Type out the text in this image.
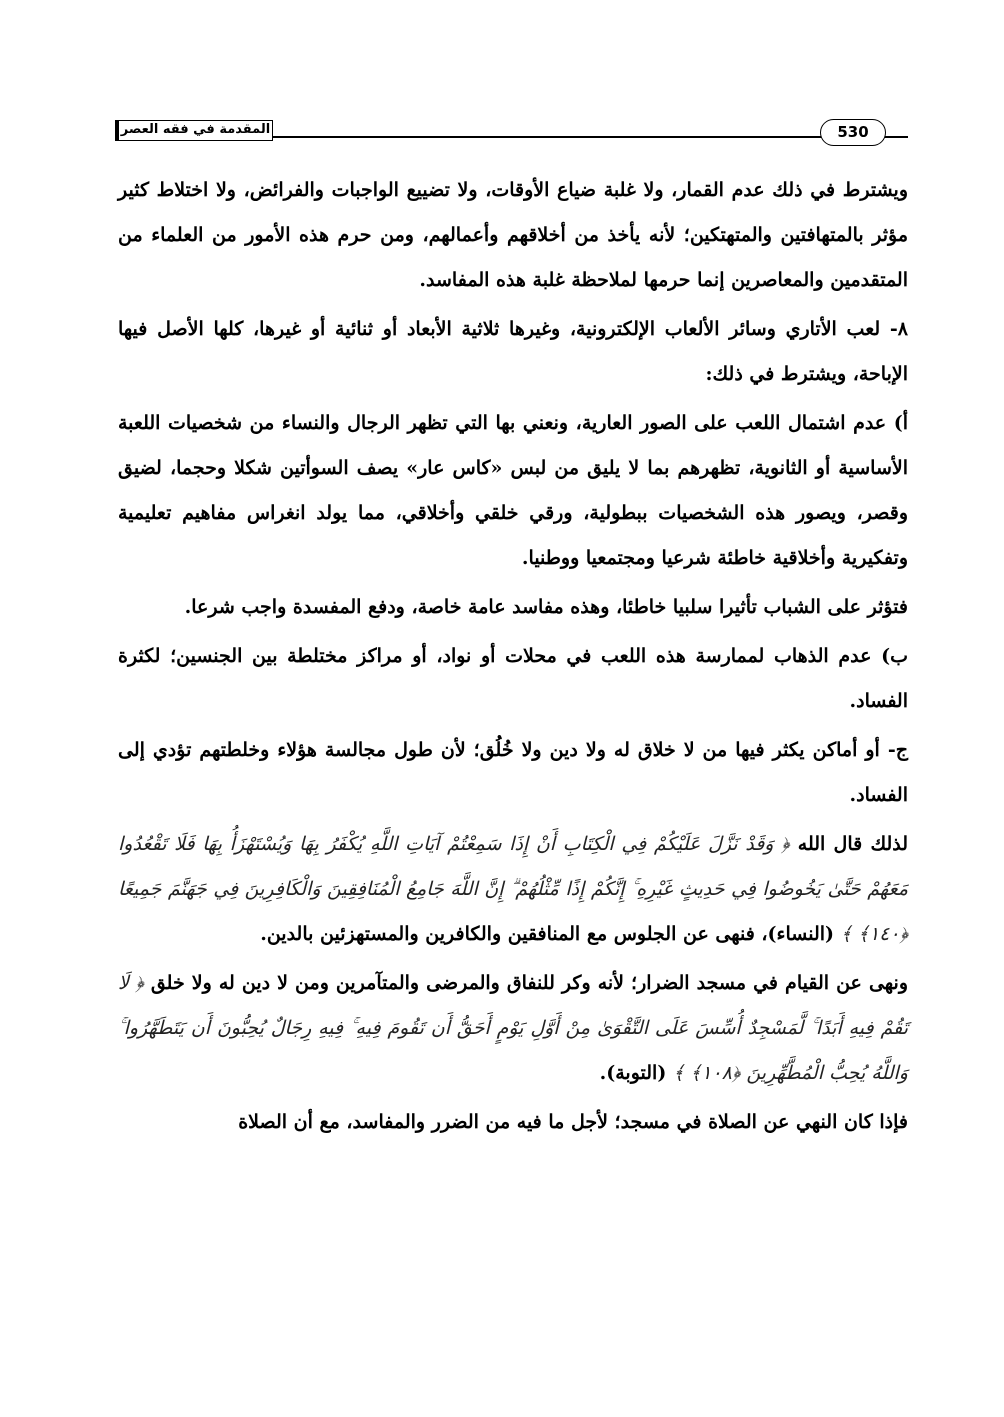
المقدمة في فقه العصر	530

ويشترط في ذلك عدم القمار، ولا غلبة ضياع الأوقات، ولا تضييع الواجبات والفرائض، ولا اختلاط كثير مؤثر بالمتهافتين والمتهتكين؛ لأنه يأخذ من أخلاقهم وأعمالهم، ومن حرم هذه الأمور من العلماء من المتقدمين والمعاصرين إنما حرمها لملاحظة غلبة هذه المفاسد.

٨- لعب الأتاري وسائر الألعاب الإلكترونية، وغيرها ثلاثية الأبعاد أو ثنائية أو غيرها، كلها الأصل فيها الإباحة، ويشترط في ذلك:

أ) عدم اشتمال اللعب على الصور العارية، ونعني بها التي تظهر الرجال والنساء من شخصيات اللعبة الأساسية أو الثانوية، تظهرهم بما لا يليق من لبس «كاس عار» يصف السوأتين شكلا وحجما، لضيق وقصر، ويصور هذه الشخصيات ببطولية، ورقي خلقي وأخلاقي، مما يولد انغراس مفاهيم تعليمية وتفكيرية وأخلاقية خاطئة شرعيا ومجتمعيا ووطنيا.

فتؤثر على الشباب تأثيرا سلبيا خاطئا، وهذه مفاسد عامة خاصة، ودفع المفسدة واجب شرعا.

ب) عدم الذهاب لممارسة هذه اللعب في محلات أو نواد، أو مراكز مختلطة بين الجنسين؛ لكثرة الفساد.

ج- أو أماكن يكثر فيها من لا خلاق له ولا دين ولا خُلُق؛ لأن طول مجالسة هؤلاء وخلطتهم تؤدي إلى الفساد.

لذلك قال الله ﴿ وَقَدْ نَزَّلَ عَلَيْكُمْ فِي الْكِتَابِ أَنْ إِذَا سَمِعْتُمْ آيَاتِ اللَّهِ يُكْفَرُ بِهَا وَيُسْتَهْزَأُ بِهَا فَلَا تَقْعُدُوا مَعَهُمْ حَتَّىٰ يَخُوضُوا فِي حَدِيثٍ غَيْرِهِ ۚ إِنَّكُمْ إِذًا مِّثْلُهُمْ ۗ إِنَّ اللَّهَ جَامِعُ الْمُنَافِقِينَ وَالْكَافِرِينَ فِي جَهَنَّمَ جَمِيعًا ﴿١٤٠﴾ ﴾ (النساء)، فنهى عن الجلوس مع المنافقين والكافرين والمستهزئين بالدين.

ونهى عن القيام في مسجد الضرار؛ لأنه وكر للنفاق والمرضى والمتآمرين ومن لا دين له ولا خلق ﴿ لَا تَقُمْ فِيهِ أَبَدًا ۚ لَّمَسْجِدٌ أُسِّسَ عَلَى التَّقْوَىٰ مِنْ أَوَّلِ يَوْمٍ أَحَقُّ أَن تَقُومَ فِيهِ ۚ فِيهِ رِجَالٌ يُحِبُّونَ أَن يَتَطَهَّرُوا ۚ وَاللَّهُ يُحِبُّ الْمُطَّهِّرِينَ ﴿١٠٨﴾ ﴾ (التوبة).

فإذا كان النهي عن الصلاة في مسجد؛ لأجل ما فيه من الضرر والمفاسد، مع أن الصلاة
